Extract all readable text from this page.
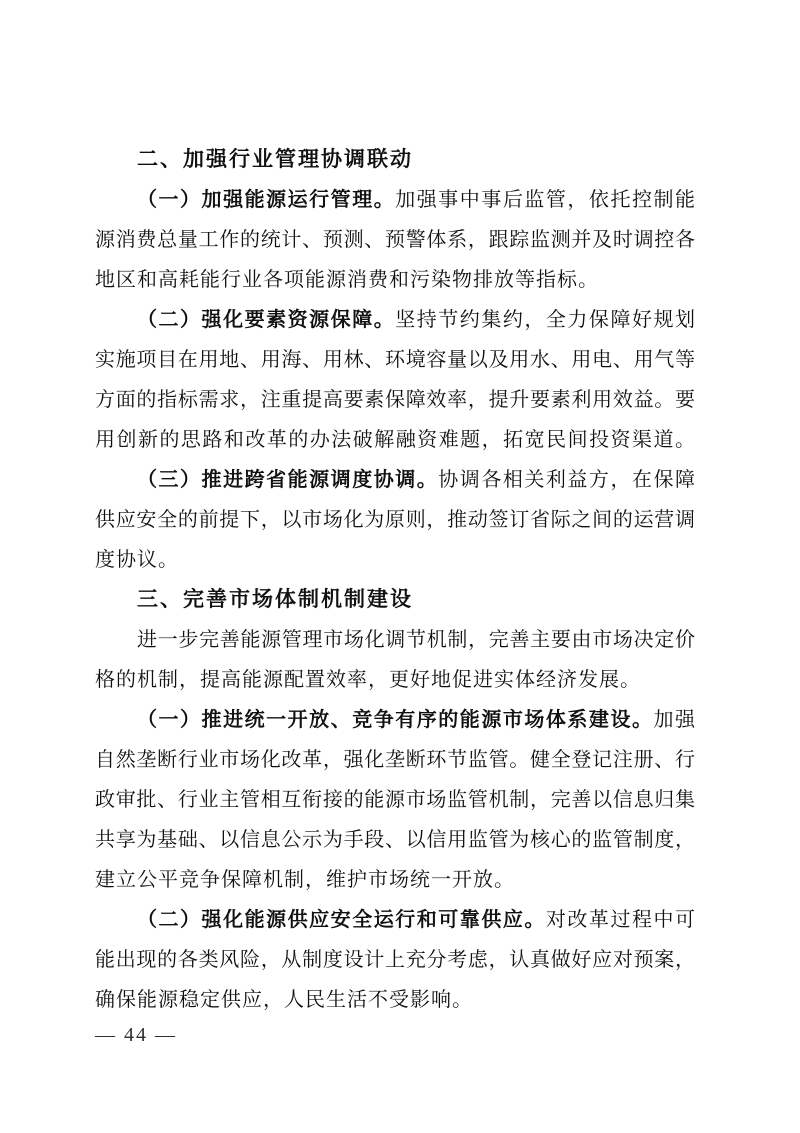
二、加强行业管理协调联动
（一）加强能源运行管理。加强事中事后监管，依托控制能
源消费总量工作的统计、预测、预警体系，跟踪监测并及时调控各
地区和高耗能行业各项能源消费和污染物排放等指标。
（二）强化要素资源保障。坚持节约集约，全力保障好规划
实施项目在用地、用海、用林、环境容量以及用水、用电、用气等
方面的指标需求，注重提高要素保障效率，提升要素利用效益。要
用创新的思路和改革的办法破解融资难题，拓宽民间投资渠道。
（三）推进跨省能源调度协调。协调各相关利益方，在保障
供应安全的前提下，以市场化为原则，推动签订省际之间的运营调
度协议。
三、完善市场体制机制建设
进一步完善能源管理市场化调节机制，完善主要由市场决定价
格的机制，提高能源配置效率，更好地促进实体经济发展。
（一）推进统一开放、竞争有序的能源市场体系建设。加强
自然垄断行业市场化改革，强化垄断环节监管。健全登记注册、行
政审批、行业主管相互衔接的能源市场监管机制，完善以信息归集
共享为基础、以信息公示为手段、以信用监管为核心的监管制度，
建立公平竞争保障机制，维护市场统一开放。
（二）强化能源供应安全运行和可靠供应。对改革过程中可
能出现的各类风险，从制度设计上充分考虑，认真做好应对预案，
确保能源稳定供应，人民生活不受影响。
— 44 —
